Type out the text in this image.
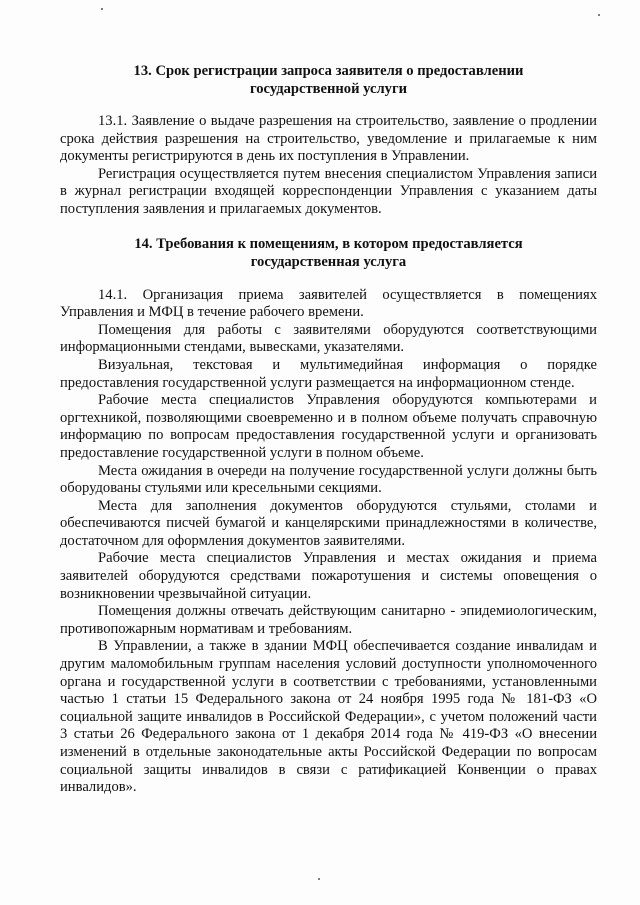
13. Срок регистрации запроса заявителя о предоставлении
государственной услуги

13.1. Заявление о выдаче разрешения на строительство, заявление о продлении срока действия разрешения на строительство, уведомление и прилагаемые к ним документы регистрируются в день их поступления в Управлении.

Регистрация осуществляется путем внесения специалистом Управления записи в журнал регистрации входящей корреспонденции Управления с указанием даты поступления заявления и прилагаемых документов.

14. Требования к помещениям, в котором предоставляется
государственная услуга

14.1. Организация приема заявителей осуществляется в помещениях Управления и МФЦ в течение рабочего времени.

Помещения для работы с заявителями оборудуются соответствующими информационными стендами, вывесками, указателями.

Визуальная, текстовая и мультимедийная информация о порядке предоставления государственной услуги размещается на информационном стенде.

Рабочие места специалистов Управления оборудуются компьютерами и оргтехникой, позволяющими своевременно и в полном объеме получать справочную информацию по вопросам предоставления государственной услуги и организовать предоставление государственной услуги в полном объеме.

Места ожидания в очереди на получение государственной услуги должны быть оборудованы стульями или кресельными секциями.

Места для заполнения документов оборудуются стульями, столами и обеспечиваются писчей бумагой и канцелярскими принадлежностями в количестве, достаточном для оформления документов заявителями.

Рабочие места специалистов Управления и местах ожидания и приема заявителей оборудуются средствами пожаротушения и системы оповещения о возникновении чрезвычайной ситуации.

Помещения должны отвечать действующим санитарно - эпидемиологическим, противопожарным нормативам и требованиям.

В Управлении, а также в здании МФЦ обеспечивается создание инвалидам и другим маломобильным группам населения условий доступности уполномоченного органа и государственной услуги в соответствии с требованиями, установленными частью 1 статьи 15 Федерального закона от 24 ноября 1995 года № 181-ФЗ «О социальной защите инвалидов в Российской Федерации», с учетом положений части 3 статьи 26 Федерального закона от 1 декабря 2014 года № 419-ФЗ «О внесении изменений в отдельные законодательные акты Российской Федерации по вопросам социальной защиты инвалидов в связи с ратификацией Конвенции о правах инвалидов».
